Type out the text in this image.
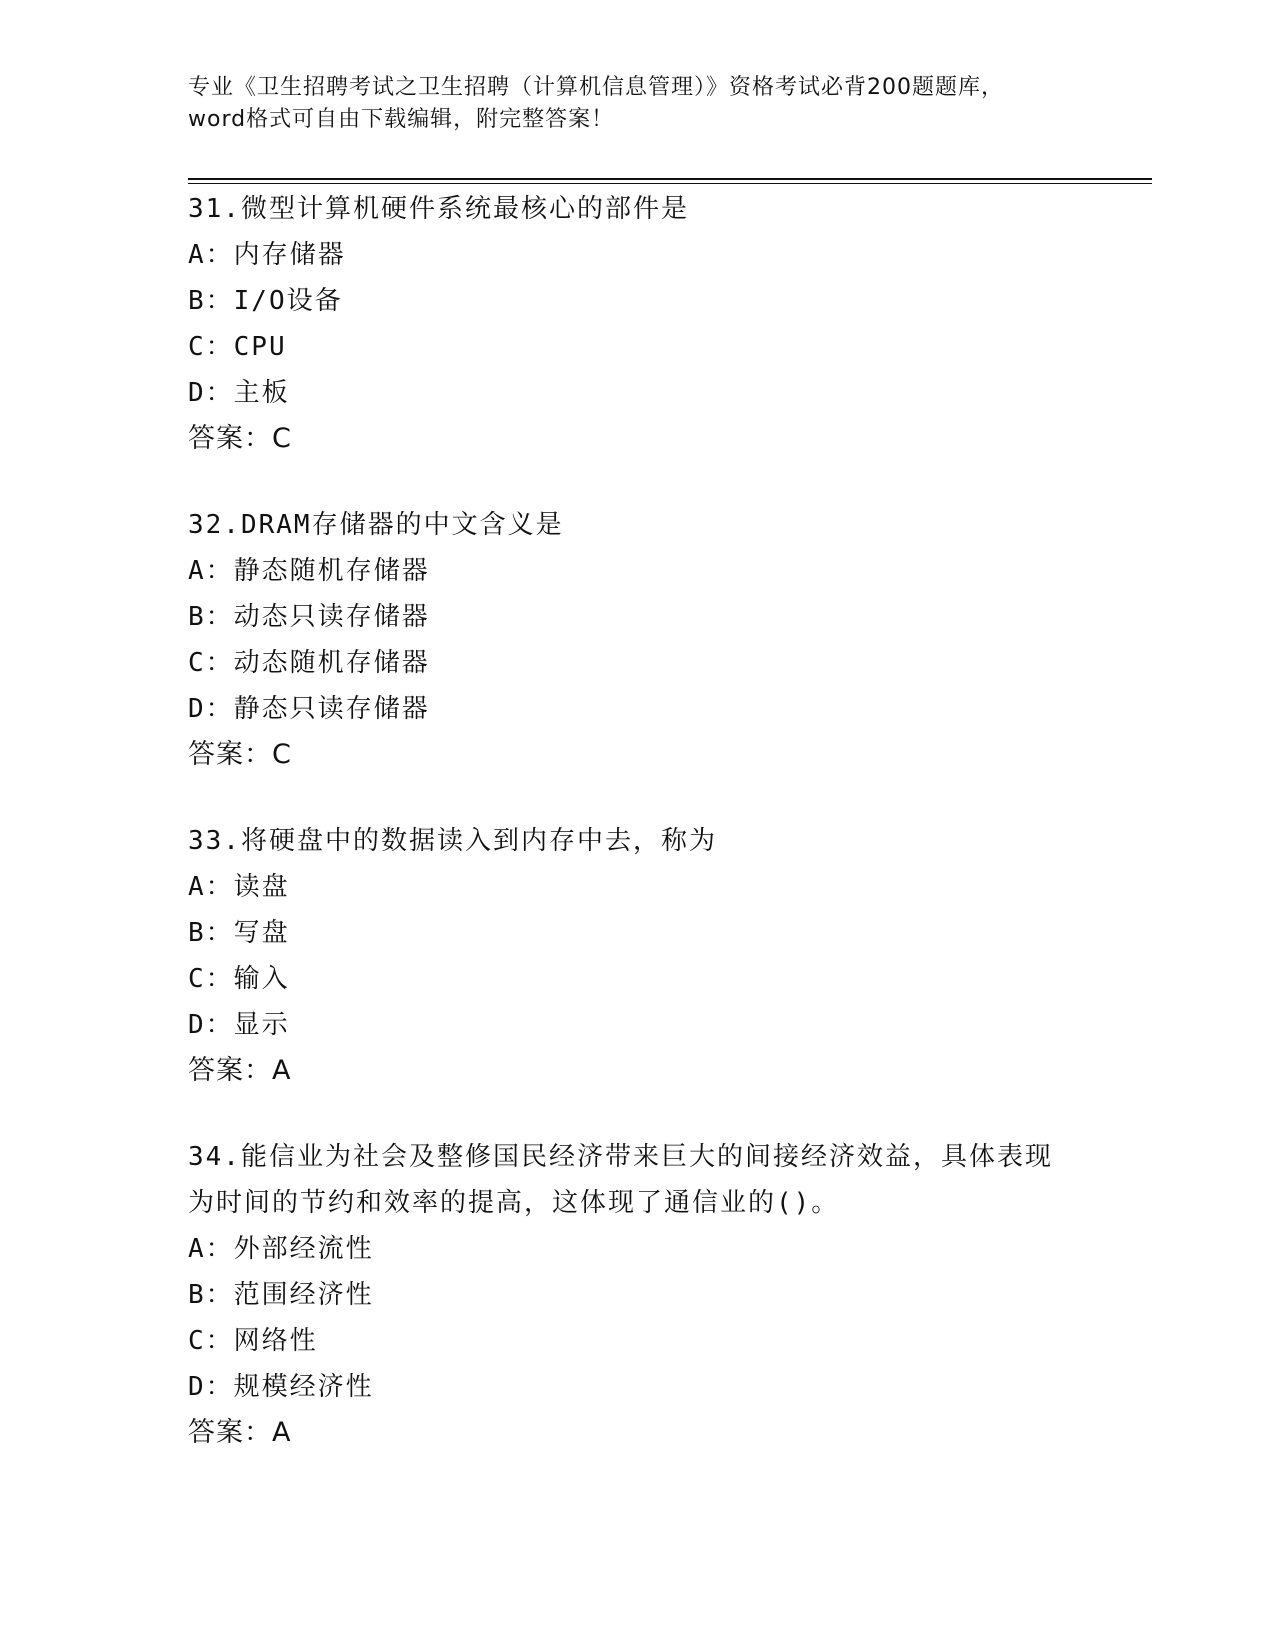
专业《卫生招聘考试之卫生招聘（计算机信息管理）》资格考试必背200题题库，
word格式可自由下载编辑，附完整答案！
31.微型计算机硬件系统最核心的部件是
A：内存储器
B：I/O设备
C：CPU
D：主板
答案：C
32.DRAM存储器的中文含义是
A：静态随机存储器
B：动态只读存储器
C：动态随机存储器
D：静态只读存储器
答案：C
33.将硬盘中的数据读入到内存中去，称为
A：读盘
B：写盘
C：输入
D：显示
答案：A
34.能信业为社会及整修国民经济带来巨大的间接经济效益，具体表现
为时间的节约和效率的提高，这体现了通信业的()。
A：外部经流性
B：范围经济性
C：网络性
D：规模经济性
答案：A
